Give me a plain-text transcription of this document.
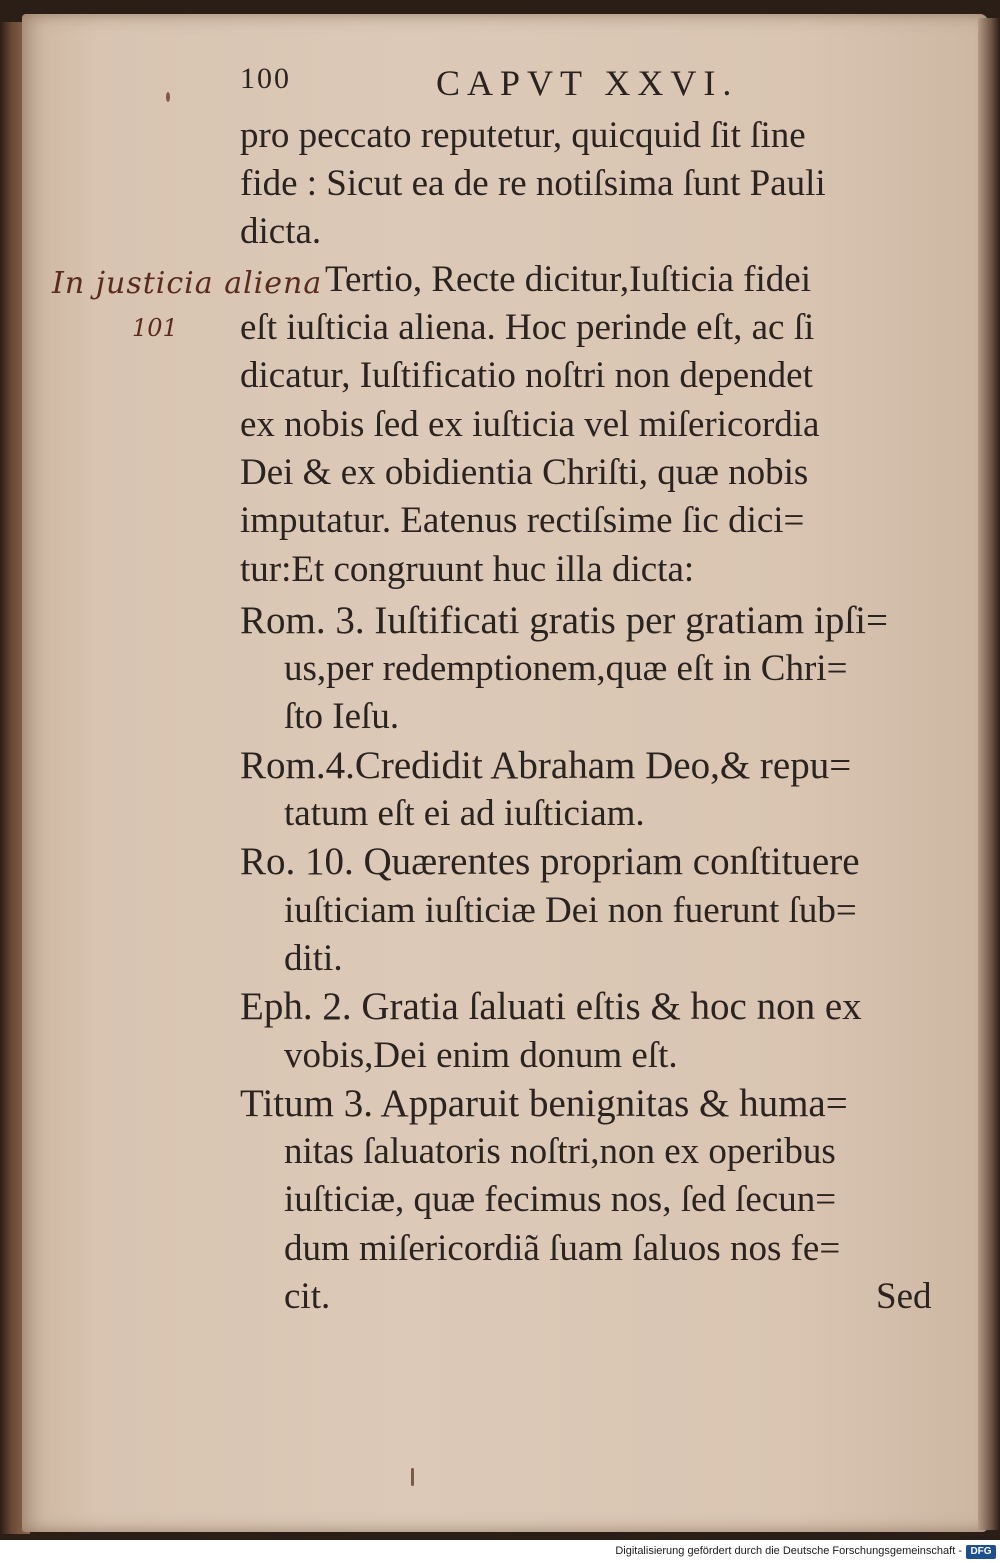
100	CAPVT XXVI.
In justicia aliena
101
pro peccato reputetur, quicquid ſit ſine
fide : Sicut ea de re notiſsima ſunt Pauli
dicta.
Tertio, Recte dicitur,Iuſticia fidei
eſt iuſticia aliena. Hoc perinde eſt, ac ſi
dicatur, Iuſtificatio noſtri non dependet
ex nobis ſed ex iuſticia vel miſericordia
Dei & ex obidientia Chriſti, quæ nobis
imputatur. Eatenus rectiſsime ſic dici=
tur:Et congruunt huc illa dicta:
Rom. 3. Iuſtificati gratis per gratiam ipſi=
us,per redemptionem,quæ eſt in Chri=
ſto Ieſu.
Rom.4.Credidit Abraham Deo,& repu=
tatum eſt ei ad iuſticiam.
Ro. 10. Quærentes propriam conſtituere
iuſticiam iuſticiæ Dei non fuerunt ſub=
diti.
Eph. 2. Gratia ſaluati eſtis & hoc non ex
vobis,Dei enim donum eſt.
Titum 3. Apparuit benignitas & huma=
nitas ſaluatoris noſtri,non ex operibus
iuſticiæ, quæ fecimus nos, ſed ſecun=
dum miſericordiã ſuam ſaluos nos fe=
cit.	Sed
Digitalisierung gefördert durch die Deutsche Forschungsgemeinschaft - DFG
